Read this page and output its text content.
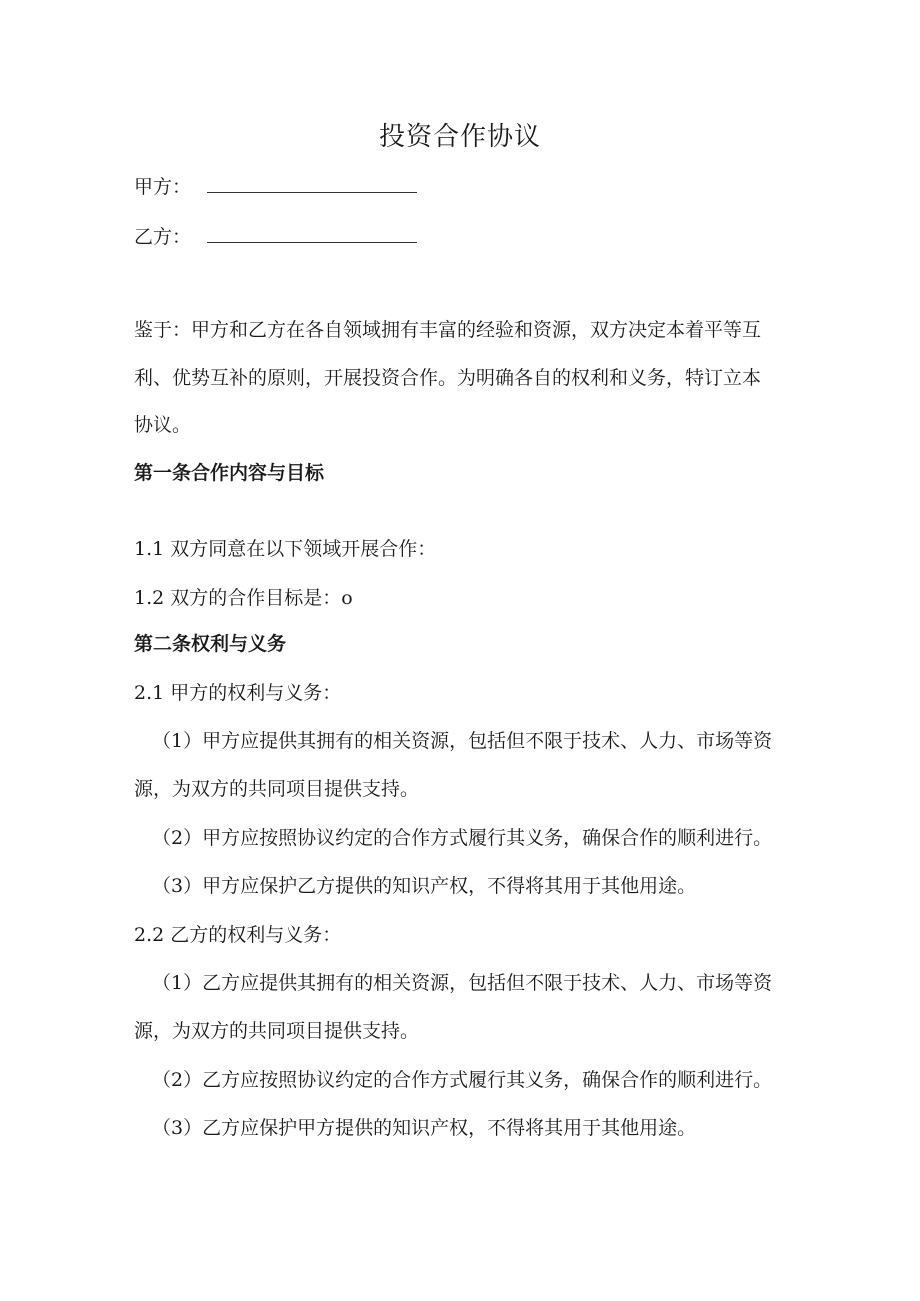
投资合作协议
甲方：
乙方：
鉴于：甲方和乙方在各自领域拥有丰富的经验和资源，双方决定本着平等互
利、优势互补的原则，开展投资合作。为明确各自的权利和义务，特订立本
协议。
第一条合作内容与目标
1.1 双方同意在以下领域开展合作：
1.2 双方的合作目标是：o
第二条权利与义务
2.1 甲方的权利与义务：
（1）甲方应提供其拥有的相关资源，包括但不限于技术、人力、市场等资
源，为双方的共同项目提供支持。
（2）甲方应按照协议约定的合作方式履行其义务，确保合作的顺利进行。
（3）甲方应保护乙方提供的知识产权，不得将其用于其他用途。
2.2 乙方的权利与义务：
（1）乙方应提供其拥有的相关资源，包括但不限于技术、人力、市场等资
源，为双方的共同项目提供支持。
（2）乙方应按照协议约定的合作方式履行其义务，确保合作的顺利进行。
（3）乙方应保护甲方提供的知识产权，不得将其用于其他用途。
